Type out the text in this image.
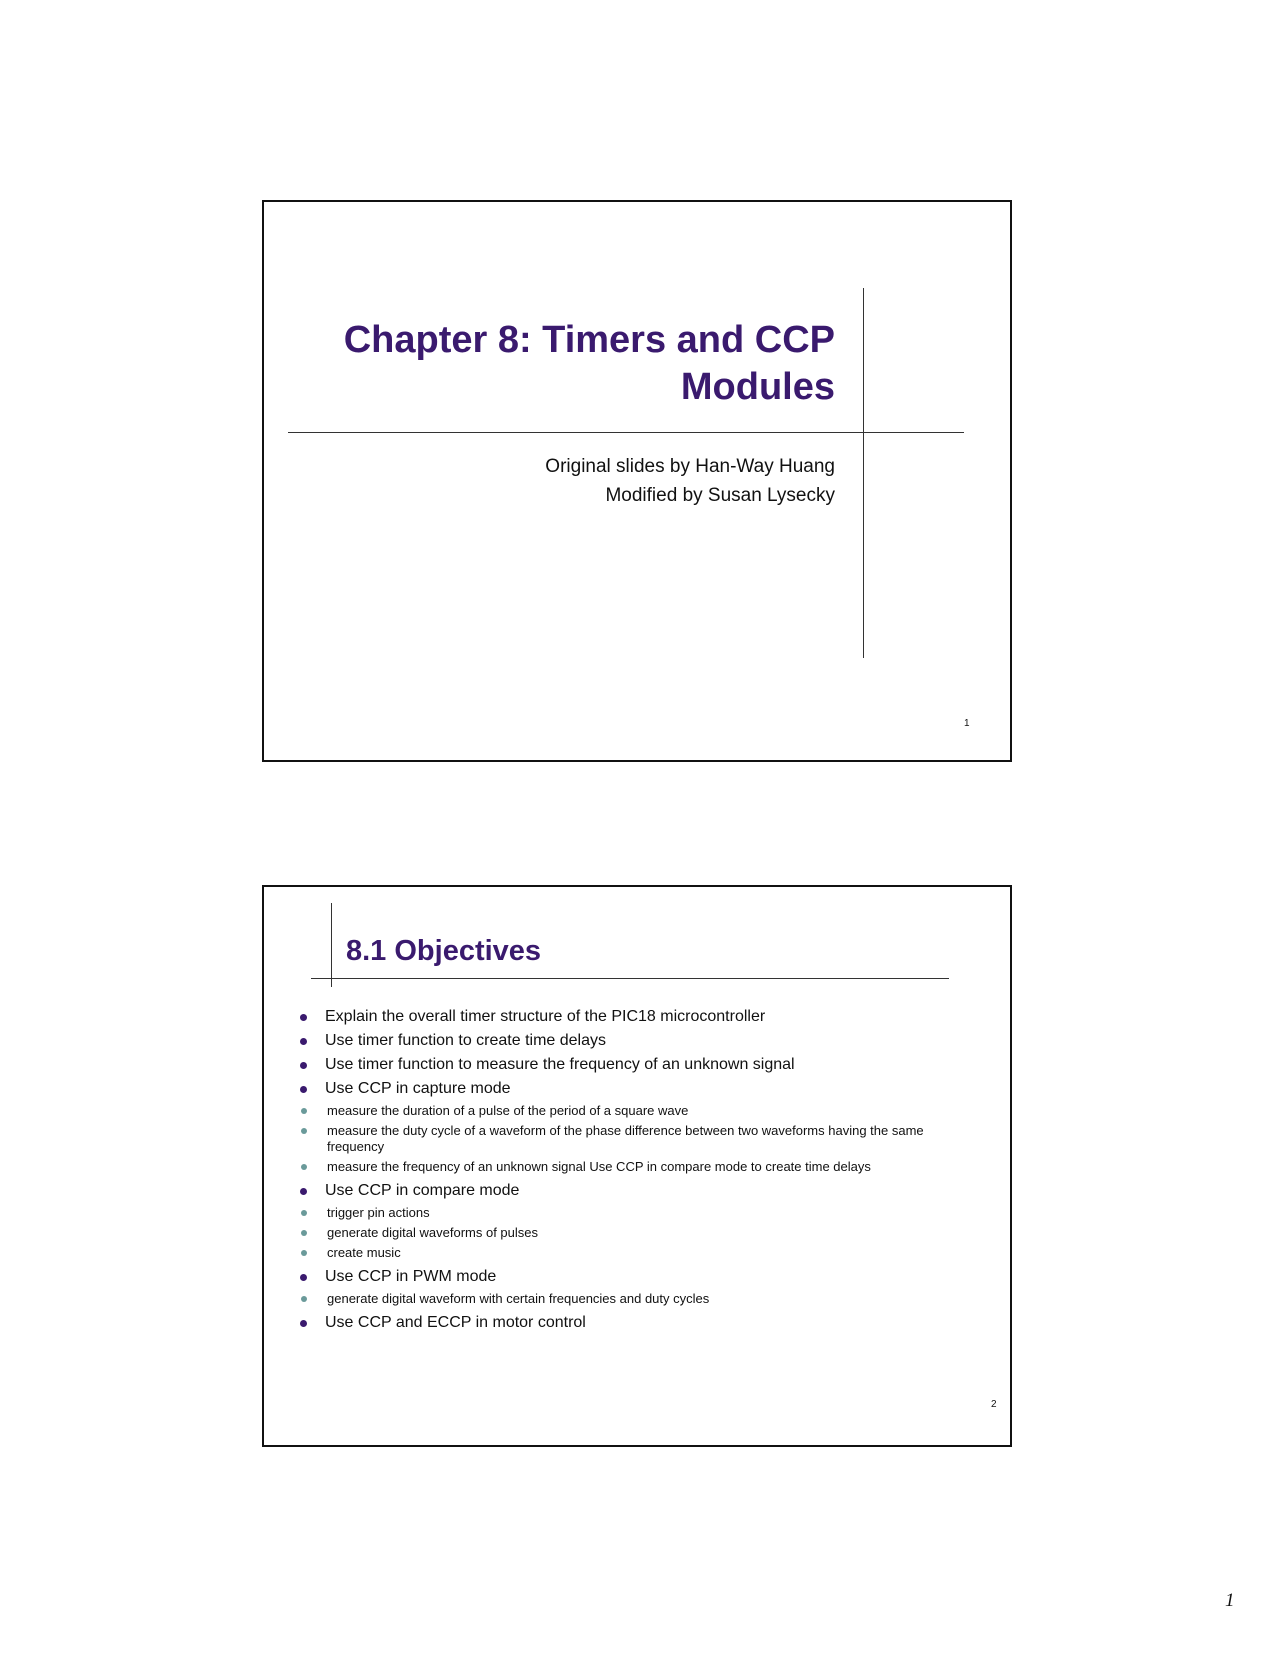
Chapter 8: Timers and CCP
Modules
Original slides by Han-Way Huang
Modified by Susan Lysecky
1
8.1 Objectives
Explain the overall timer structure of the PIC18 microcontroller
Use timer function to create time delays
Use timer function to measure the frequency of an unknown signal
Use CCP in capture mode
measure the duration of a pulse of the period of a square wave
measure the duty cycle of a waveform of the phase difference between two waveforms having the same frequency
measure the frequency of an unknown signal Use CCP in compare mode to create time delays
Use CCP in compare mode
trigger pin actions
generate digital waveforms of pulses
create music
Use CCP in PWM mode
generate digital waveform with certain frequencies and duty cycles
Use CCP and ECCP in motor control
2
1
